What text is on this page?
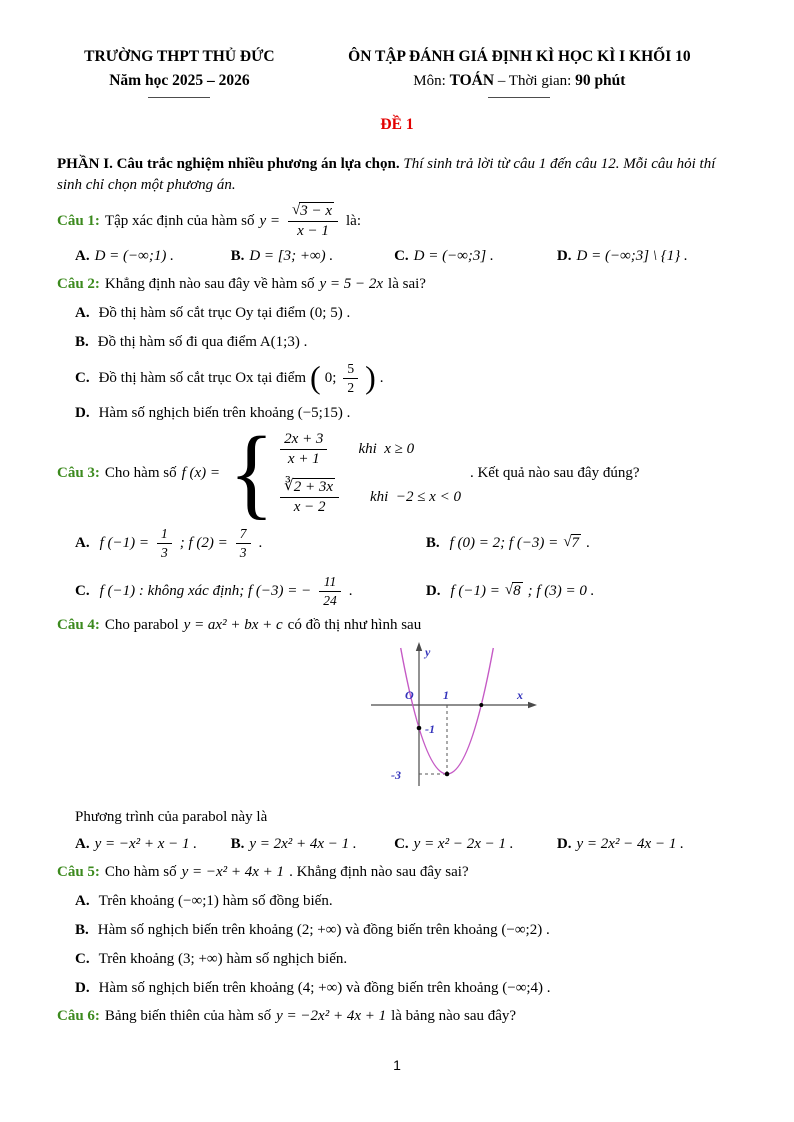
TRƯỜNG THPT THỦ ĐỨC
Năm học 2025 – 2026
ÔN TẬP ĐÁNH GIÁ ĐỊNH KÌ HỌC KÌ I KHỐI 10
Môn: TOÁN – Thời gian: 90 phút
ĐỀ 1
PHẦN I. Câu trắc nghiệm nhiều phương án lựa chọn. Thí sinh trả lời từ câu 1 đến câu 12. Mỗi câu hỏi thí sinh chỉ chọn một phương án.
Câu 1: Tập xác định của hàm số $y = \frac{√3 - x}{x - 1}$ là:
A. D = (−∞;1) .	B. D = [3; +∞) .	C. D = (−∞;3] .	D. D = (−∞;3] \ {1} .
Câu 2: Khẳng định nào sau đây về hàm số y = 5 − 2x là sai?
A. Đồ thị hàm số cắt trục Oy tại điểm (0; 5) .
B. Đồ thị hàm số đi qua điểm A(1;3) .
C. Đồ thị hàm số cắt trục Ox tại điểm ( 0; $\frac{5}{2}$ ) .
D. Hàm số nghịch biến trên khoảng (−5;15) .
Câu 3: Cho hàm số f (x) = { $\frac{2x + 3}{x + 1}$ khi x ≥ 0
$\frac{∛2 + 3x}{x - 2}$ khi −2 ≤ x < 0
. Kết quả nào sau đây đúng?
A. f $(-1) = \frac{1}{3}$ ; f $(2) = \frac{7}{3}$ .	B. f (0) = 2; f (−3) = √7 .
C. f (−1) : không xác định; f (−3) = − $\frac{11}{24}$ .	D. f (−1) = √8 ; f (3) = 0 .
Câu 4: Cho parabol y = ax² + bx + c có đồ thị như hình sau
y
x
O 1
-1
-3
Phương trình của parabol này là
A. y = −x² + x − 1 .	B. y = 2x² + 4x − 1 .	C. y = x² − 2x − 1 .	D. y = 2x² − 4x − 1 .
Câu 5: Cho hàm số y = −x² + 4x + 1 . Khẳng định nào sau đây sai?
A. Trên khoảng (−∞;1) hàm số đồng biến.
B. Hàm số nghịch biến trên khoảng (2; +∞) và đồng biến trên khoảng (−∞;2) .
C. Trên khoảng (3; +∞) hàm số nghịch biến.
D. Hàm số nghịch biến trên khoảng (4; +∞) và đồng biến trên khoảng (−∞;4) .
Câu 6: Bảng biến thiên của hàm số y = −2x² + 4x + 1 là bảng nào sau đây?
1
